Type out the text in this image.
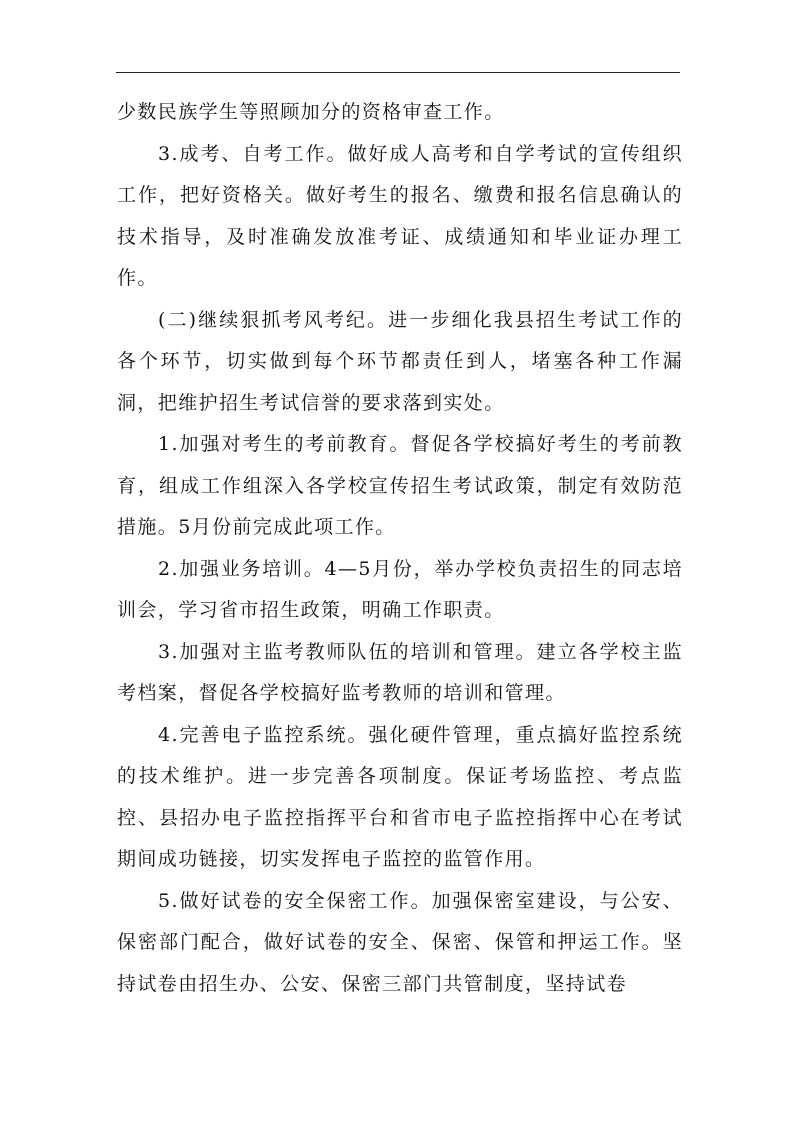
少数民族学生等照顾加分的资格审查工作。

3.成考、自考工作。做好成人高考和自学考试的宣传组织工作，把好资格关。做好考生的报名、缴费和报名信息确认的技术指导，及时准确发放准考证、成绩通知和毕业证办理工作。

(二)继续狠抓考风考纪。进一步细化我县招生考试工作的各个环节，切实做到每个环节都责任到人，堵塞各种工作漏洞，把维护招生考试信誉的要求落到实处。

1.加强对考生的考前教育。督促各学校搞好考生的考前教育，组成工作组深入各学校宣传招生考试政策，制定有效防范措施。5月份前完成此项工作。

2.加强业务培训。4—5月份，举办学校负责招生的同志培训会，学习省市招生政策，明确工作职责。

3.加强对主监考教师队伍的培训和管理。建立各学校主监考档案，督促各学校搞好监考教师的培训和管理。

4.完善电子监控系统。强化硬件管理，重点搞好监控系统的技术维护。进一步完善各项制度。保证考场监控、考点监控、县招办电子监控指挥平台和省市电子监控指挥中心在考试期间成功链接，切实发挥电子监控的监管作用。

5.做好试卷的安全保密工作。加强保密室建设，与公安、保密部门配合，做好试卷的安全、保密、保管和押运工作。坚持试卷由招生办、公安、保密三部门共管制度，坚持试卷
